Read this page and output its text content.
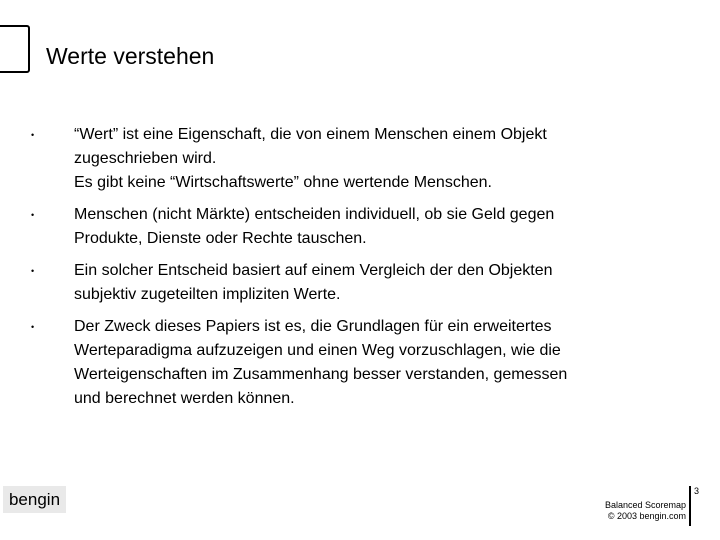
Werte verstehen
• “Wert” ist eine Eigenschaft, die von einem Menschen einem Objekt
zugeschrieben wird.
Es gibt keine “Wirtschaftswerte” ohne wertende Menschen.
• Menschen (nicht Märkte) entscheiden individuell, ob sie Geld gegen
Produkte, Dienste oder Rechte tauschen.
• Ein solcher Entscheid basiert auf einem Vergleich der den Objekten
subjektiv zugeteilten impliziten Werte.
• Der Zweck dieses Papiers ist es, die Grundlagen für ein erweitertes
Werteparadigma aufzuzeigen und einen Weg vorzuschlagen, wie die
Werteigenschaften im Zusammenhang besser verstanden, gemessen
und berechnet werden können.
bengin	Balanced Scoremap
© 2003 bengin.com
3
